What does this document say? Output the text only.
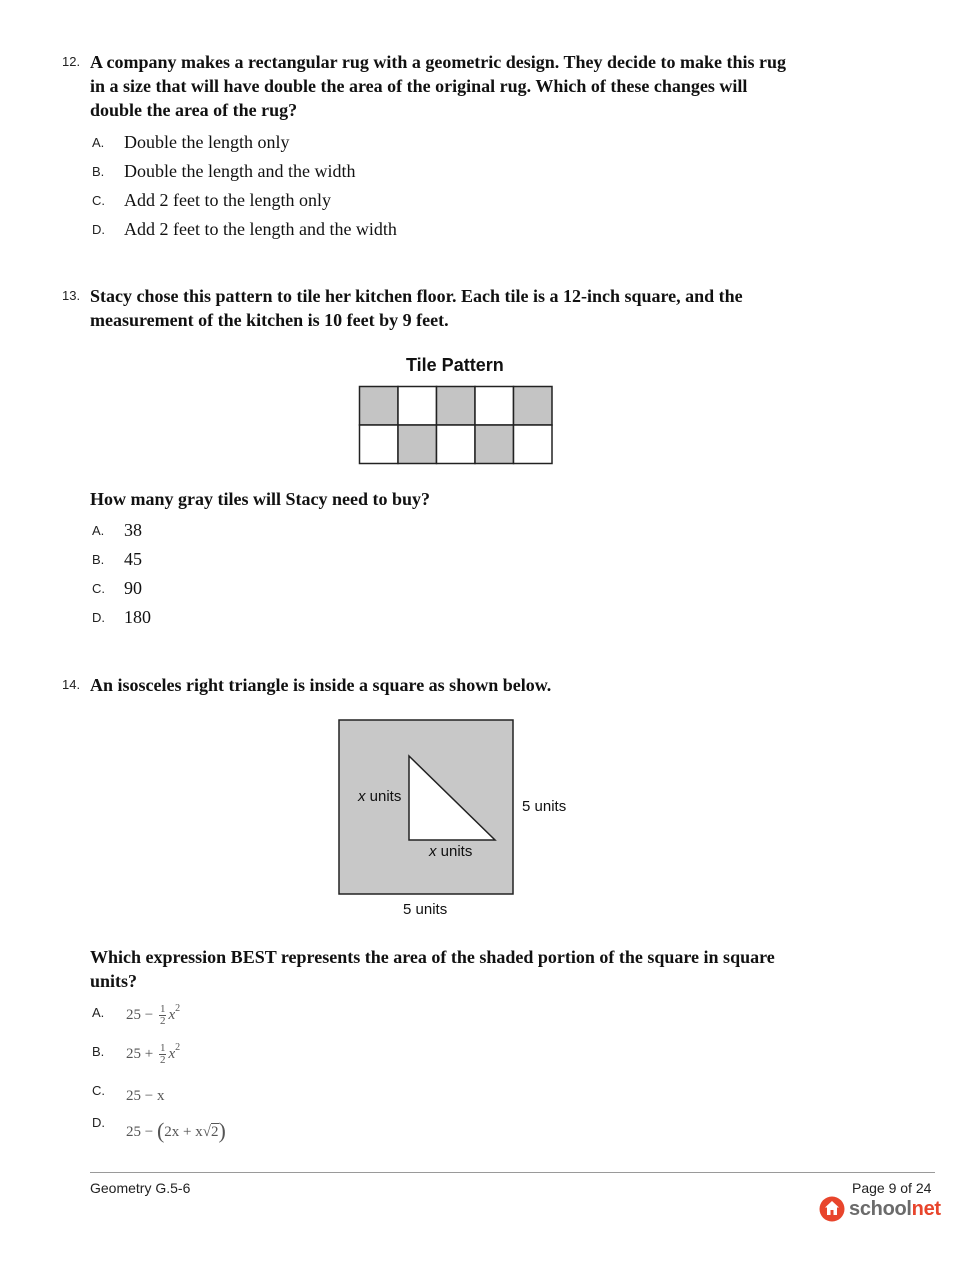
12. A company makes a rectangular rug with a geometric design. They decide to make this rug
in a size that will have double the area of the original rug. Which of these changes will
double the area of the rug?
A. Double the length only
B. Double the length and the width
C. Add 2 feet to the length only
D. Add 2 feet to the length and the width
13. Stacy chose this pattern to tile her kitchen floor. Each tile is a 12-inch square, and the
measurement of the kitchen is 10 feet by 9 feet.
Tile Pattern
How many gray tiles will Stacy need to buy?
A. 38
B. 45
C. 90
D. 180
14. An isosceles right triangle is inside a square as shown below.
x units
x units
5 units
5 units
Which expression BEST represents the area of the shaded portion of the square in square
units?
A. $25 - \frac{1}{2} x^2$
B. $25 + \frac{1}{2} x^2$
C. 25 − x
D.
25 − (2x + x√2)
Geometry G.5-6	Page 9 of 24
schoolnet
